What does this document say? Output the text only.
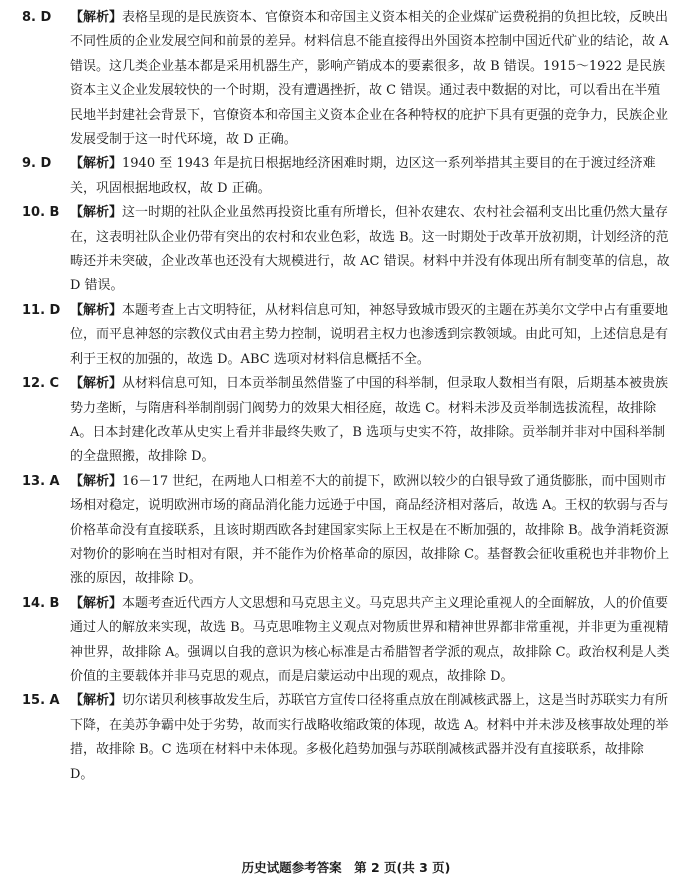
8. D	【解析】表格呈现的是民族资本、官僚资本和帝国主义资本相关的企业煤矿运费税捐的负担比较，反映出不同性质的企业发展空间和前景的差异。材料信息不能直接得出外国资本控制中国近代矿业的结论，故 A 错误。这几类企业基本都是采用机器生产，影响产销成本的要素很多，故 B 错误。1915～1922 是民族资本主义企业发展较快的一个时期，没有遭遇挫折，故 C 错误。通过表中数据的对比，可以看出在半殖民地半封建社会背景下，官僚资本和帝国主义资本企业在各种特权的庇护下具有更强的竞争力，民族企业发展受制于这一时代环境，故 D 正确。
9. D	【解析】1940 至 1943 年是抗日根据地经济困难时期，边区这一系列举措其主要目的在于渡过经济难关，巩固根据地政权，故 D 正确。
10. B 【解析】这一时期的社队企业虽然再投资比重有所增长，但补农建农、农村社会福利支出比重仍然大量存在，这表明社队企业仍带有突出的农村和农业色彩，故选 B。这一时期处于改革开放初期，计划经济的范畴还并未突破，企业改革也还没有大规模进行，故 AC 错误。材料中并没有体现出所有制变革的信息，故 D 错误。
11. D 【解析】本题考查上古文明特征，从材料信息可知，神怒导致城市毁灭的主题在苏美尔文学中占有重要地位，而平息神怒的宗教仪式由君主势力控制，说明君主权力也渗透到宗教领域。由此可知，上述信息是有利于王权的加强的，故选 D。ABC 选项对材料信息概括不全。
12. C 【解析】从材料信息可知，日本贡举制虽然借鉴了中国的科举制，但录取人数相当有限，后期基本被贵族势力垄断，与隋唐科举制削弱门阀势力的效果大相径庭，故选 C。材料未涉及贡举制选拔流程，故排除 A。日本封建化改革从史实上看并非最终失败了，B 选项与史实不符，故排除。贡举制并非对中国科举制的全盘照搬，故排除 D。
13. A 【解析】16－17 世纪，在两地人口相差不大的前提下，欧洲以较少的白银导致了通货膨胀，而中国则市场相对稳定，说明欧洲市场的商品消化能力远逊于中国，商品经济相对落后，故选 A。王权的软弱与否与价格革命没有直接联系，且该时期西欧各封建国家实际上王权是在不断加强的，故排除 B。战争消耗资源对物价的影响在当时相对有限，并不能作为价格革命的原因，故排除 C。基督教会征收重税也并非物价上涨的原因，故排除 D。
14. B 【解析】本题考查近代西方人文思想和马克思主义。马克思共产主义理论重视人的全面解放，人的价值要通过人的解放来实现，故选 B。马克思唯物主义观点对物质世界和精神世界都非常重视，并非更为重视精神世界，故排除 A。强调以自我的意识为核心标准是古希腊智者学派的观点，故排除 C。政治权利是人类价值的主要载体并非马克思的观点，而是启蒙运动中出现的观点，故排除 D。
15. A 【解析】切尔诺贝利核事故发生后，苏联官方宣传口径将重点放在削减核武器上，这是当时苏联实力有所下降，在美苏争霸中处于劣势，故而实行战略收缩政策的体现，故选 A。材料中并未涉及核事故处理的举措，故排除 B。C 选项在材料中未体现。多极化趋势加强与苏联削减核武器并没有直接联系，故排除 D。
历史试题参考答案　第 2 页(共 3 页)
